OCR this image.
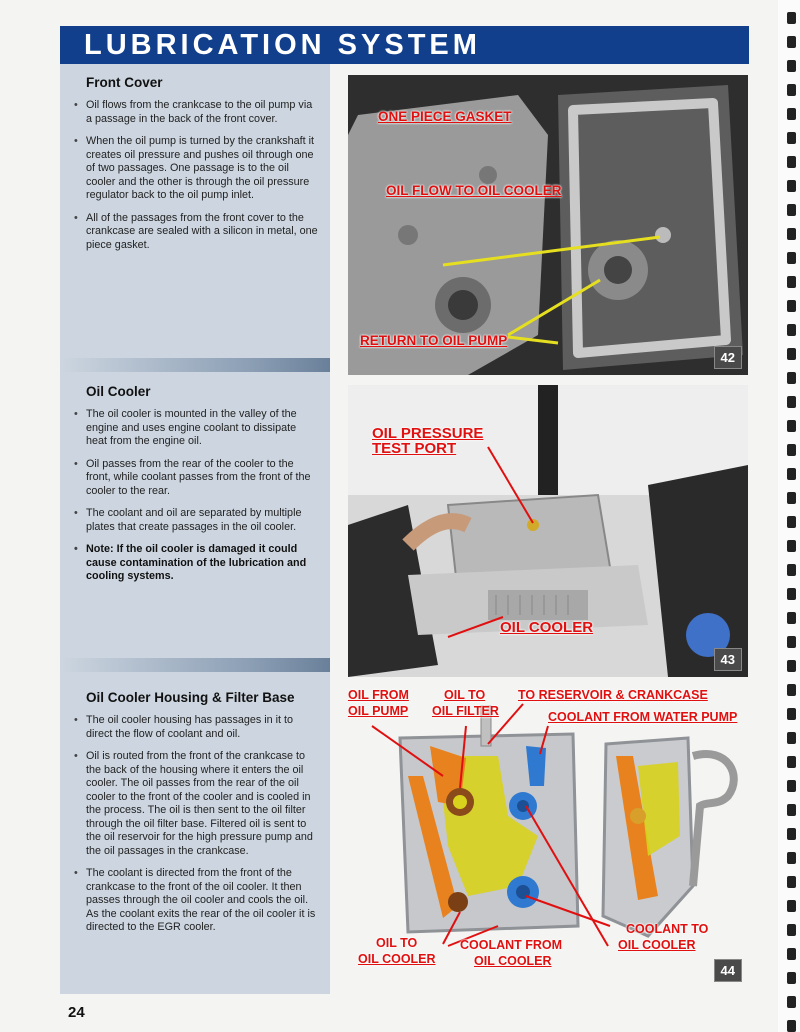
LUBRICATION SYSTEM
Front Cover
• Oil flows from the crankcase to the oil pump via a passage in the back of the front cover.
• When the oil pump is turned by the crankshaft it creates oil pressure and pushes oil through one of two passages. One passage is to the oil cooler and the other is through the oil pressure regulator back to the oil pump inlet.
• All of the passages from the front cover to the crankcase are sealed with a silicon in metal, one piece gasket.
Oil Cooler
• The oil cooler is mounted in the valley of the engine and uses engine coolant to dissipate heat from the engine oil.
• Oil passes from the rear of the cooler to the front, while coolant passes from the front of the cooler to the rear.
• The coolant and oil are separated by multiple plates that create passages in the oil cooler.
• Note: If the oil cooler is damaged it could cause contamination of the lubrication and cooling systems.
Oil Cooler Housing & Filter Base
• The oil cooler housing has passages in it to direct the flow of coolant and oil.
• Oil is routed from the front of the crankcase to the back of the housing where it enters the oil cooler. The oil passes from the rear of the oil cooler to the front of the cooler and is cooled in the process. The oil is then sent to the oil filter through the oil filter base. Filtered oil is sent to the oil reservoir for the high pressure pump and the oil passages in the crankcase.
• The coolant is directed from the front of the crankcase to the front of the oil cooler. It then passes through the oil cooler and cools the oil. As the coolant exits the rear of the oil cooler it is directed to the EGR cooler.
ONE PIECE GASKET
OIL FLOW TO OIL COOLER
RETURN TO OIL PUMP
42
OIL PRESSURE
TEST PORT
OIL COOLER
43
OIL FROM
OIL PUMP
OIL TO
OIL FILTER
TO RESERVOIR & CRANKCASE
COOLANT FROM WATER PUMP
OIL TO
OIL COOLER
COOLANT FROM
OIL COOLER
COOLANT TO
OIL COOLER
44
24
